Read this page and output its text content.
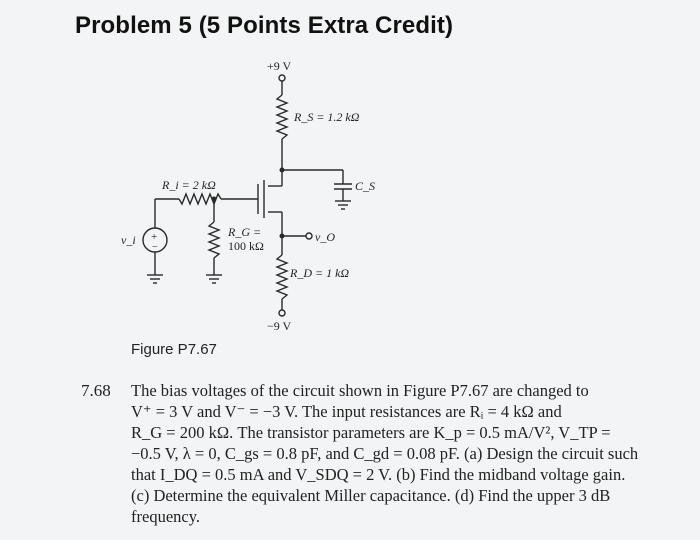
Problem 5 (5 Points Extra Credit)
+9 V
R_S = 1.2 kΩ
R_i = 2 kΩ	C_S
v_i +
−
R_G =
100 kΩ
v_O
R_D = 1 kΩ
−9 V
Figure P7.67
7.68 The bias voltages of the circuit shown in Figure P7.67 are changed to
V⁺ = 3 V and V⁻ = −3 V. The input resistances are Rᵢ = 4 kΩ and
R_G = 200 kΩ. The transistor parameters are K_p = 0.5 mA/V², V_TP =
−0.5 V, λ = 0, C_gs = 0.8 pF, and C_gd = 0.08 pF. (a) Design the circuit such
that I_DQ = 0.5 mA and V_SDQ = 2 V. (b) Find the midband voltage gain.
(c) Determine the equivalent Miller capacitance. (d) Find the upper 3 dB
frequency.
